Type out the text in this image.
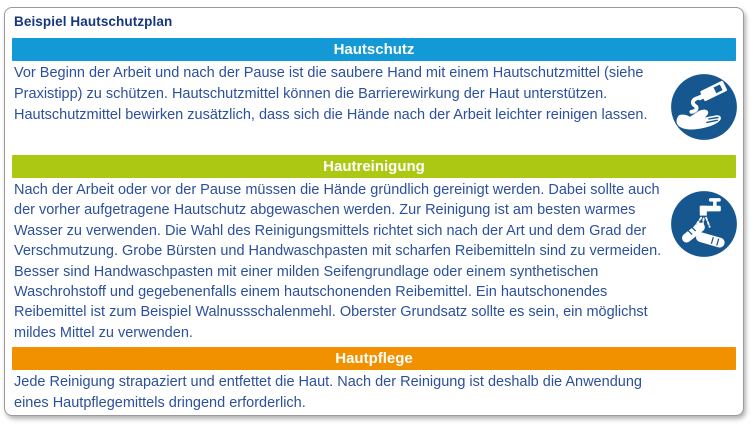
Beispiel Hautschutzplan
Hautschutz

Vor Beginn der Arbeit und nach der Pause ist die saubere Hand mit einem Hautschutzmittel (siehe Praxistipp) zu schützen. Hautschutzmittel können die Barrierewirkung der Haut unterstützen. Hautschutzmittel bewirken zusätzlich, dass sich die Hände nach der Arbeit leichter reinigen lassen.

Hautreinigung

Nach der Arbeit oder vor der Pause müssen die Hände gründlich gereinigt werden. Dabei sollte auch der vorher aufgetragene Hautschutz abgewaschen werden. Zur Reinigung ist am besten warmes Wasser zu verwenden. Die Wahl des Reinigungsmittels richtet sich nach der Art und dem Grad der Verschmutzung. Grobe Bürsten und Handwaschpasten mit scharfen Reibemitteln sind zu vermeiden. Besser sind Handwaschpasten mit einer milden Seifengrundlage oder einem synthetischen Waschrohstoff und gegebenenfalls einem hautschonenden Reibemittel. Ein hautschonendes Reibemittel ist zum Beispiel Walnussschalenmehl. Oberster Grundsatz sollte es sein, ein möglichst mildes Mittel zu verwenden.

Hautpflege

Jede Reinigung strapaziert und entfettet die Haut. Nach der Reinigung ist deshalb die Anwendung eines Hautpflegemittels dringend erforderlich.
